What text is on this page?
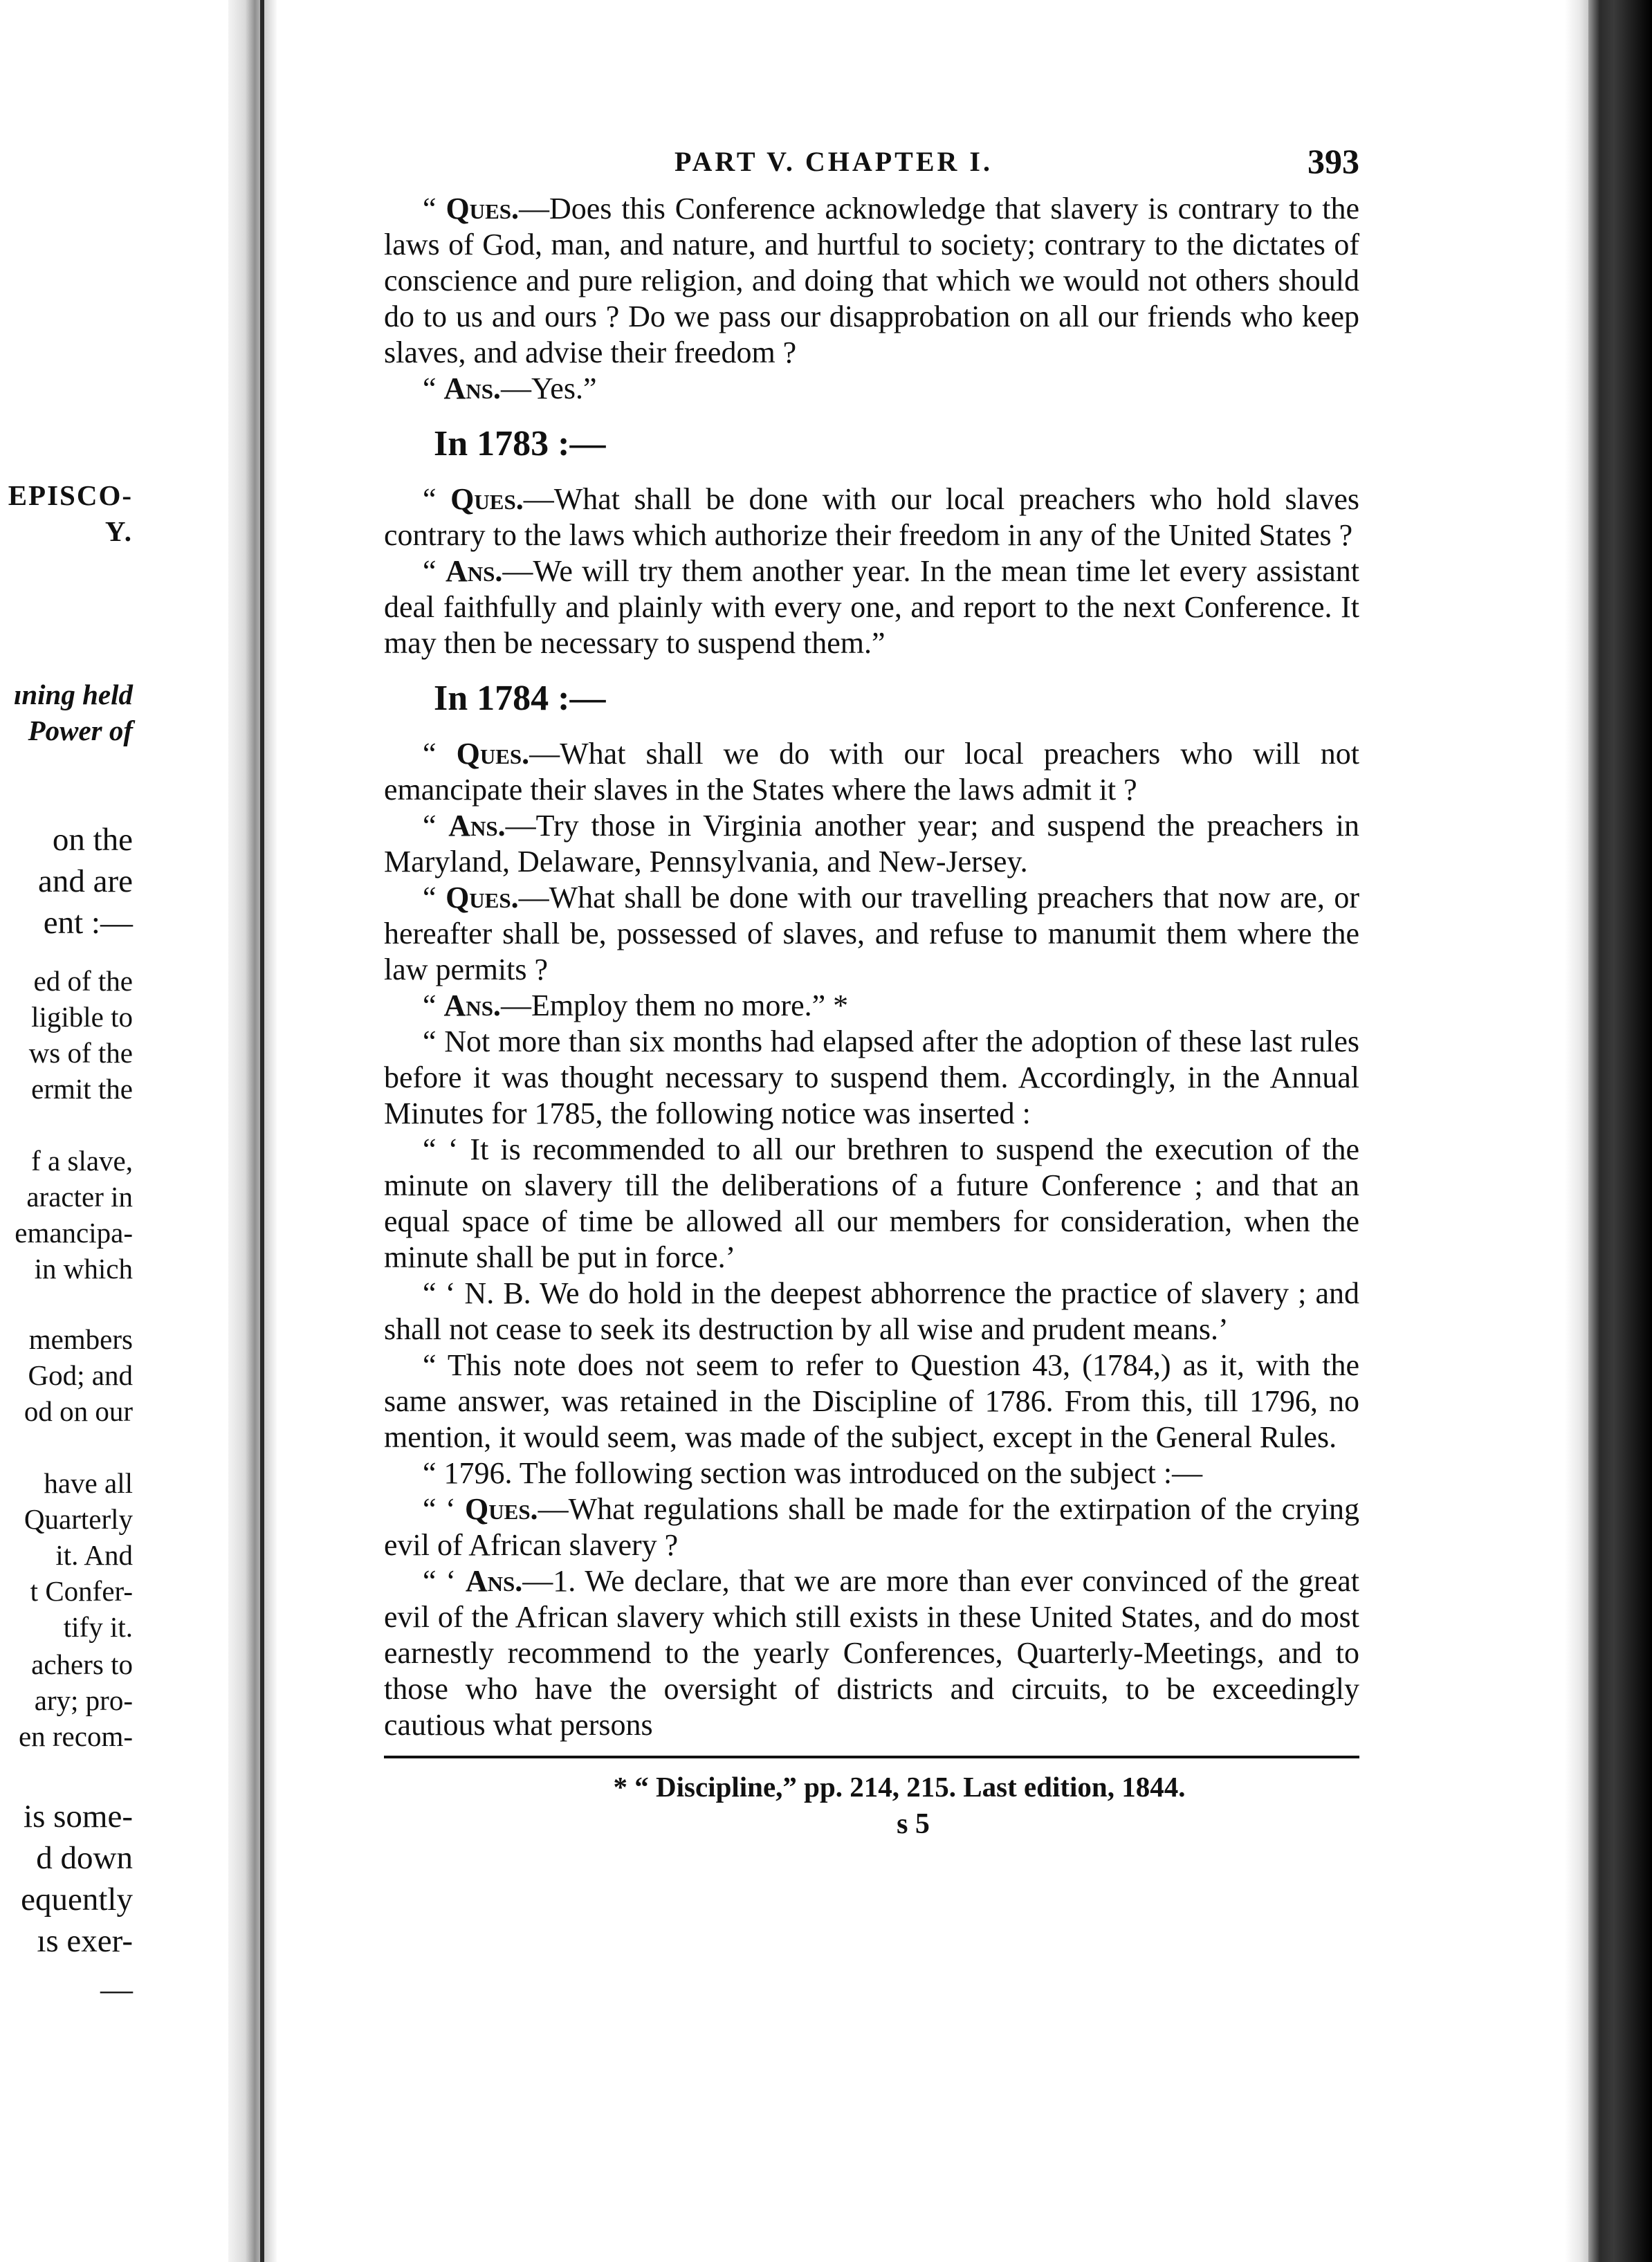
EPISCO-
Y.
ıning held
Power of
on the
and are
ent :—
ed of the
ligible to
ws of the
ermit the
f a slave,
aracter in
emancipa-
in which
members
God; and
od on our
have all
Quarterly
it. And
t Confer-
tify it.
achers to
ary; pro-
en recom-
is some-
d down
equently
ıs exer-
—
PART V. CHAPTER I.	393

“ Ques.—Does this Conference acknowledge that slavery is contrary to the laws of God, man, and nature, and hurtful to society; contrary to the dictates of conscience and pure religion, and doing that which we would not others should do to us and ours ? Do we pass our disapprobation on all our friends who keep slaves, and advise their freedom ?

“ Ans.—Yes.”

In 1783 :—

“ Ques.—What shall be done with our local preachers who hold slaves contrary to the laws which authorize their freedom in any of the United States ?

“ Ans.—We will try them another year. In the mean time let every assistant deal faithfully and plainly with every one, and report to the next Conference. It may then be necessary to suspend them.”

In 1784 :—

“ Ques.—What shall we do with our local preachers who will not emancipate their slaves in the States where the laws admit it ?

“ Ans.—Try those in Virginia another year; and suspend the preachers in Maryland, Delaware, Pennsylvania, and New-Jersey.

“ Ques.—What shall be done with our travelling preachers that now are, or hereafter shall be, possessed of slaves, and refuse to manumit them where the law permits ?

“ Ans.—Employ them no more.” *

“ Not more than six months had elapsed after the adoption of these last rules before it was thought necessary to suspend them. Accordingly, in the Annual Minutes for 1785, the following notice was inserted :

“ ‘ It is recommended to all our brethren to suspend the execution of the minute on slavery till the deliberations of a future Conference ; and that an equal space of time be allowed all our members for consideration, when the minute shall be put in force.’

“ ‘ N. B. We do hold in the deepest abhorrence the practice of slavery ; and shall not cease to seek its destruction by all wise and prudent means.’

“ This note does not seem to refer to Question 43, (1784,) as it, with the same answer, was retained in the Discipline of 1786. From this, till 1796, no mention, it would seem, was made of the subject, except in the General Rules.

“ 1796. The following section was introduced on the subject :—

“ ‘ Ques.—What regulations shall be made for the extirpation of the crying evil of African slavery ?

“ ‘ Ans.—1. We declare, that we are more than ever convinced of the great evil of the African slavery which still exists in these United States, and do most earnestly recommend to the yearly Conferences, Quarterly-Meetings, and to those who have the oversight of districts and circuits, to be exceedingly cautious what persons

* “ Discipline,” pp. 214, 215. Last edition, 1844.
s 5
